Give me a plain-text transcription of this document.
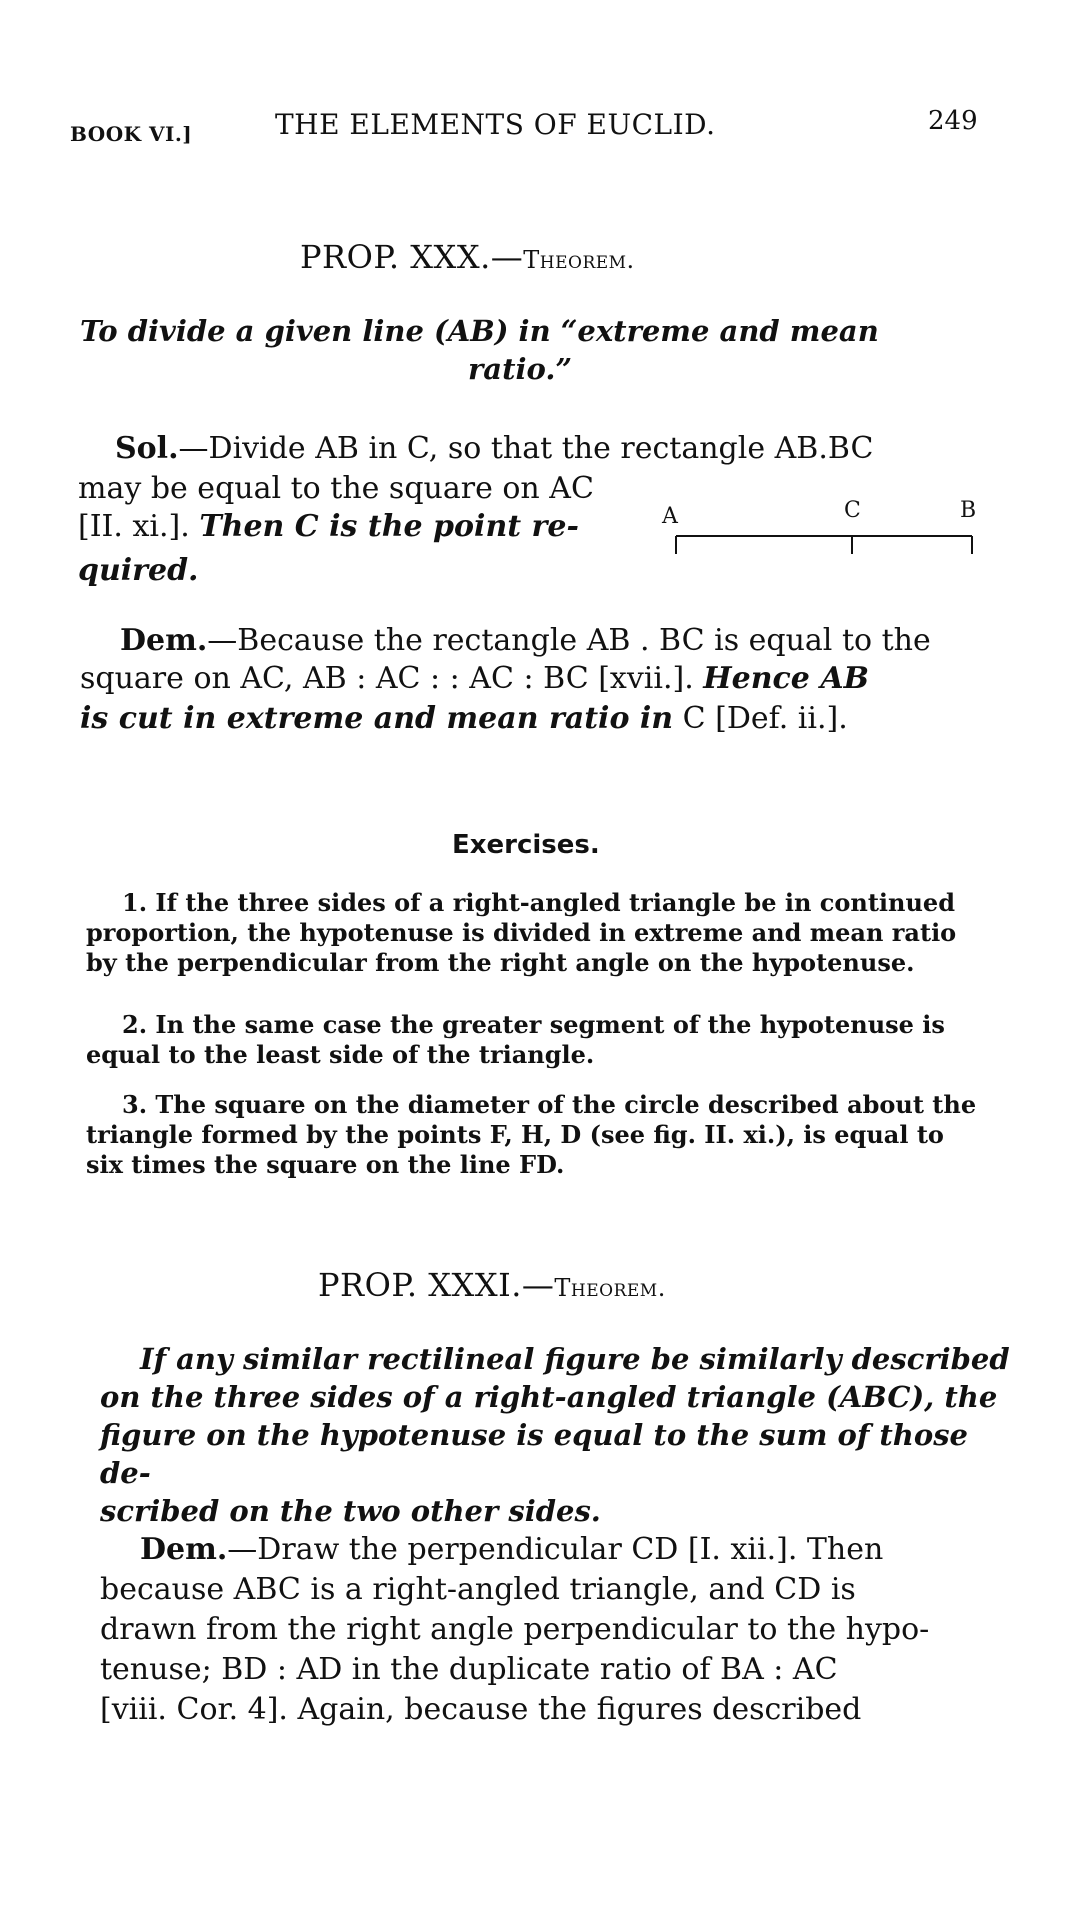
BOOK VI.]	THE ELEMENTS OF EUCLID.	249
PROP. XXX.—Theorem.
To divide a given line (AB) in “extreme and mean
ratio.”
Sol.—Divide AB in C, so that the rectangle AB.BC
may be equal to the square on AC
[II. xi.]. Then C is the point re-
quired.
A	C	B
Dem.—Because the rectangle AB . BC is equal to the
square on AC, AB : AC : : AC : BC [xvii.]. Hence AB
is cut in extreme and mean ratio in C [Def. ii.].
Exercises.
1. If the three sides of a right-angled triangle be in continued
proportion, the hypotenuse is divided in extreme and mean ratio
by the perpendicular from the right angle on the hypotenuse.
2. In the same case the greater segment of the hypotenuse is
equal to the least side of the triangle.
3. The square on the diameter of the circle described about the
triangle formed by the points F, H, D (see fig. II. xi.), is equal to
six times the square on the line FD.
PROP. XXXI.—Theorem.
If any similar rectilineal figure be similarly described
on the three sides of a right-angled triangle (ABC), the
figure on the hypotenuse is equal to the sum of those de-
scribed on the two other sides.
Dem.—Draw the perpendicular CD [I. xii.]. Then
because ABC is a right-angled triangle, and CD is
drawn from the right angle perpendicular to the hypo-
tenuse; BD : AD in the duplicate ratio of BA : AC
[viii. Cor. 4]. Again, because the figures described
